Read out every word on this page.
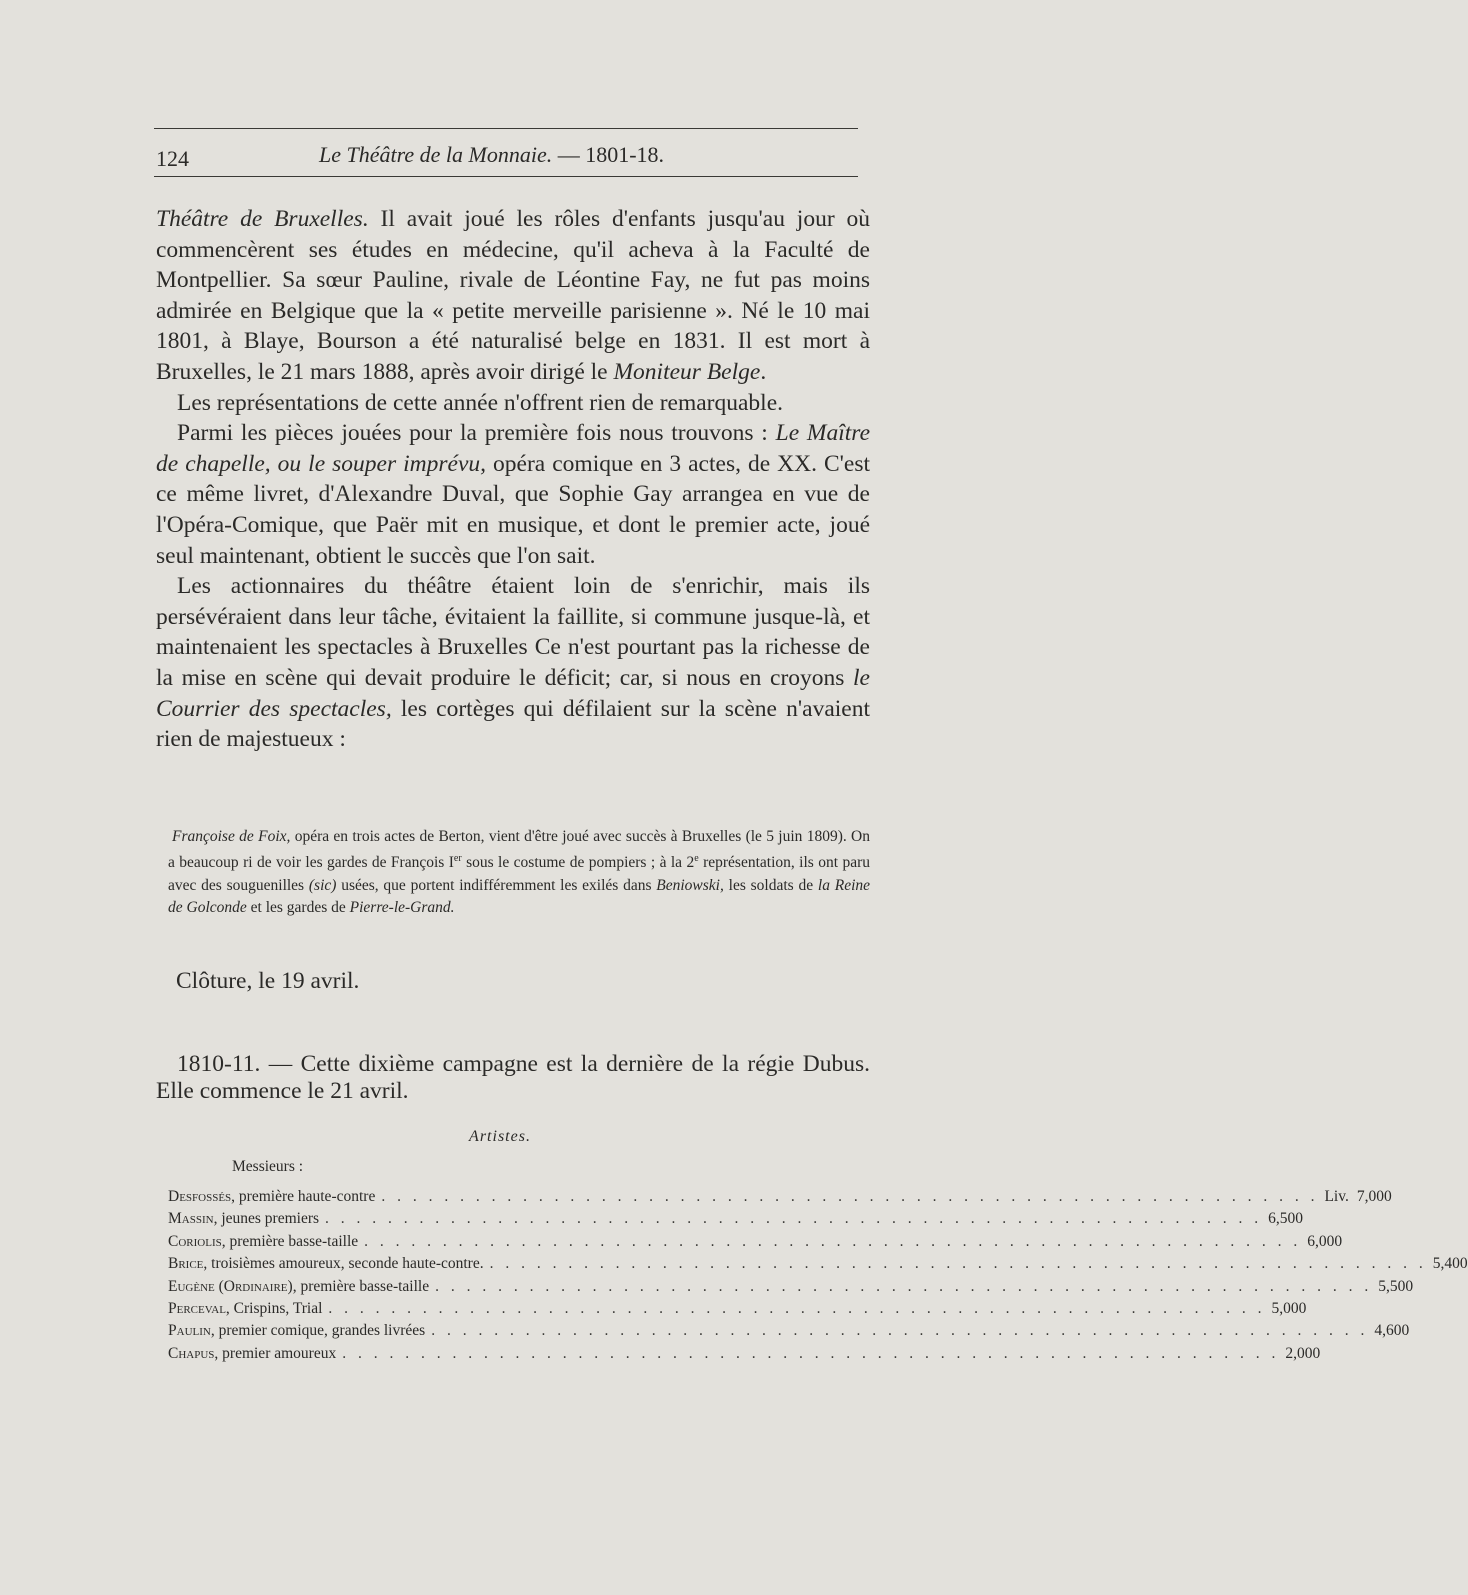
124	Le Théâtre de la Monnaie. — 1801-18.

Théâtre de Bruxelles. Il avait joué les rôles d'enfants jusqu'au jour où commencèrent ses études en médecine, qu'il acheva à la Faculté de Montpellier. Sa sœur Pauline, rivale de Léontine Fay, ne fut pas moins admirée en Belgique que la « petite merveille parisienne ». Né le 10 mai 1801, à Blaye, Bourson a été naturalisé belge en 1831. Il est mort à Bruxelles, le 21 mars 1888, après avoir dirigé le Moniteur Belge.

Les représentations de cette année n'offrent rien de remarquable.

Parmi les pièces jouées pour la première fois nous trouvons : Le Maître de chapelle, ou le souper imprévu, opéra comique en 3 actes, de XX. C'est ce même livret, d'Alexandre Duval, que Sophie Gay arrangea en vue de l'Opéra-Comique, que Paër mit en musique, et dont le premier acte, joué seul maintenant, obtient le succès que l'on sait.

Les actionnaires du théâtre étaient loin de s'enrichir, mais ils persévéraient dans leur tâche, évitaient la faillite, si commune jusque-là, et maintenaient les spectacles à Bruxelles Ce n'est pourtant pas la richesse de la mise en scène qui devait produire le déficit; car, si nous en croyons le Courrier des spectacles, les cortèges qui défilaient sur la scène n'avaient rien de majestueux :

Françoise de Foix, opéra en trois actes de Berton, vient d'être joué avec succès à Bruxelles (le 5 juin 1809). On a beaucoup ri de voir les gardes de François Ier sous le costume de pompiers ; à la 2e représentation, ils ont paru avec des souguenilles (sic) usées, que portent indifféremment les exilés dans Beniowski, les soldats de la Reine de Golconde et les gardes de Pierre-le-Grand.

Clôture, le 19 avril.

1810-11. — Cette dixième campagne est la dernière de la régie Dubus. Elle commence le 21 avril.

Artistes.
Messieurs :
Desfossés, première haute-contre . . . . . . . . . . . . . . . . . . . . . . . . . . . . . . . . . . . . . . . . . . . . . . . . . . . . . . . . . . . . Liv. 7,000
Massin, jeunes premiers . . . . . . . . . . . . . . . . . . . . . . . . . . . . . . . . . . . . . . . . . . . . . . . . . . . . . . . . . . . . 6,500
Coriolis, première basse-taille . . . . . . . . . . . . . . . . . . . . . . . . . . . . . . . . . . . . . . . . . . . . . . . . . . . . . . . . . . . . 6,000
Brice, troisièmes amoureux, seconde haute-contre. . . . . . . . . . . . . . . . . . . . . . . . . . . . . . . . . . . . . . . . . . . . . . . . . . . . . . . . . . . . . 5,400
Eugène (Ordinaire), première basse-taille . . . . . . . . . . . . . . . . . . . . . . . . . . . . . . . . . . . . . . . . . . . . . . . . . . . . . . . . . . . . 5,500
Perceval, Crispins, Trial . . . . . . . . . . . . . . . . . . . . . . . . . . . . . . . . . . . . . . . . . . . . . . . . . . . . . . . . . . . . 5,000
Paulin, premier comique, grandes livrées . . . . . . . . . . . . . . . . . . . . . . . . . . . . . . . . . . . . . . . . . . . . . . . . . . . . . . . . . . . . 4,600
Chapus, premier amoureux . . . . . . . . . . . . . . . . . . . . . . . . . . . . . . . . . . . . . . . . . . . . . . . . . . . . . . . . . . . . 2,000
